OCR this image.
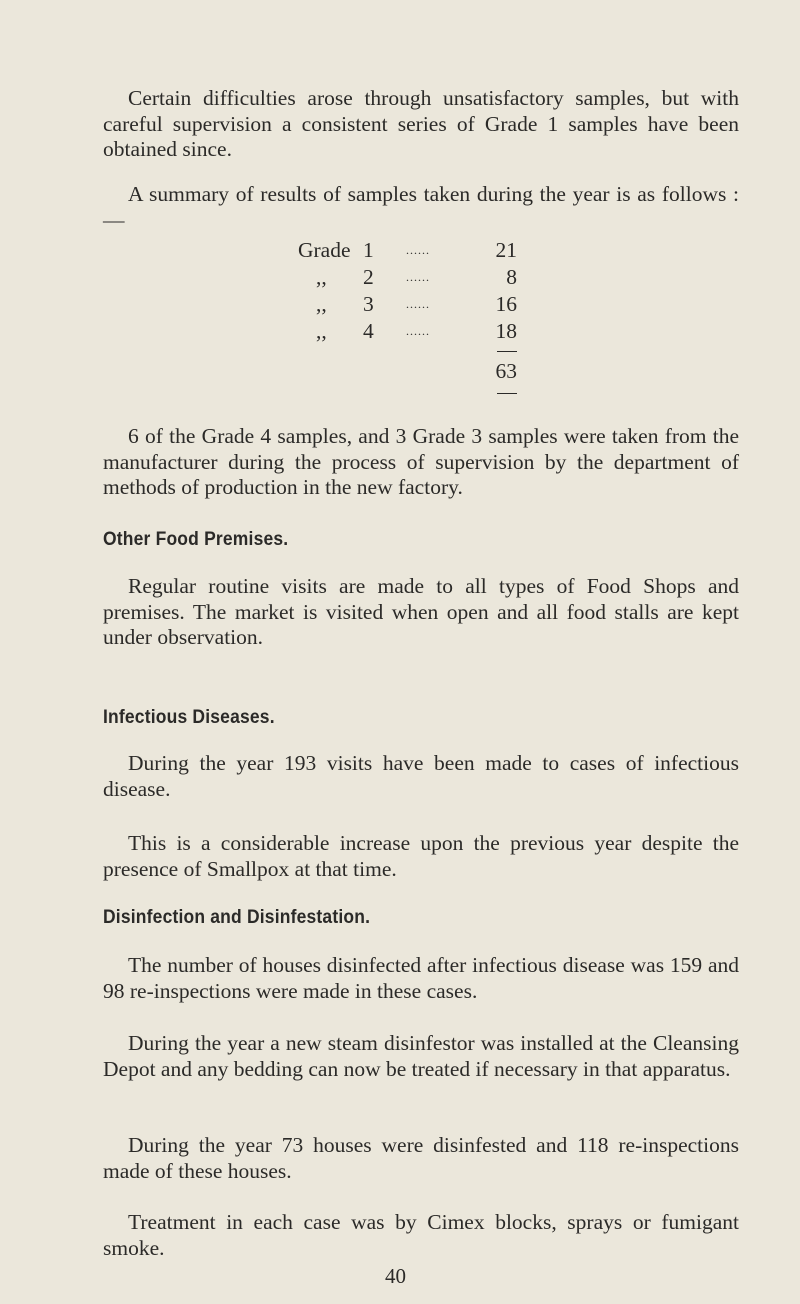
Certain difficulties arose through unsatisfactory samples, but with careful supervision a consistent series of Grade 1 samples have been obtained since.

A summary of results of samples taken during the year is as follows :—

Grade 1	......	21
,, 2	......	8
,, 3	......	16
,, 4	......	18
63

6 of the Grade 4 samples, and 3 Grade 3 samples were taken from the manufacturer during the process of supervision by the department of methods of production in the new factory.

Other Food Premises.

Regular routine visits are made to all types of Food Shops and premises. The market is visited when open and all food stalls are kept under observation.

Infectious Diseases.

During the year 193 visits have been made to cases of infectious disease.

This is a considerable increase upon the previous year despite the presence of Smallpox at that time.

Disinfection and Disinfestation.

The number of houses disinfected after infectious disease was 159 and 98 re-inspections were made in these cases.

During the year a new steam disinfestor was installed at the Cleansing Depot and any bedding can now be treated if necessary in that apparatus.

During the year 73 houses were disinfested and 118 re-inspections made of these houses.

Treatment in each case was by Cimex blocks, sprays or fumigant smoke.

40
